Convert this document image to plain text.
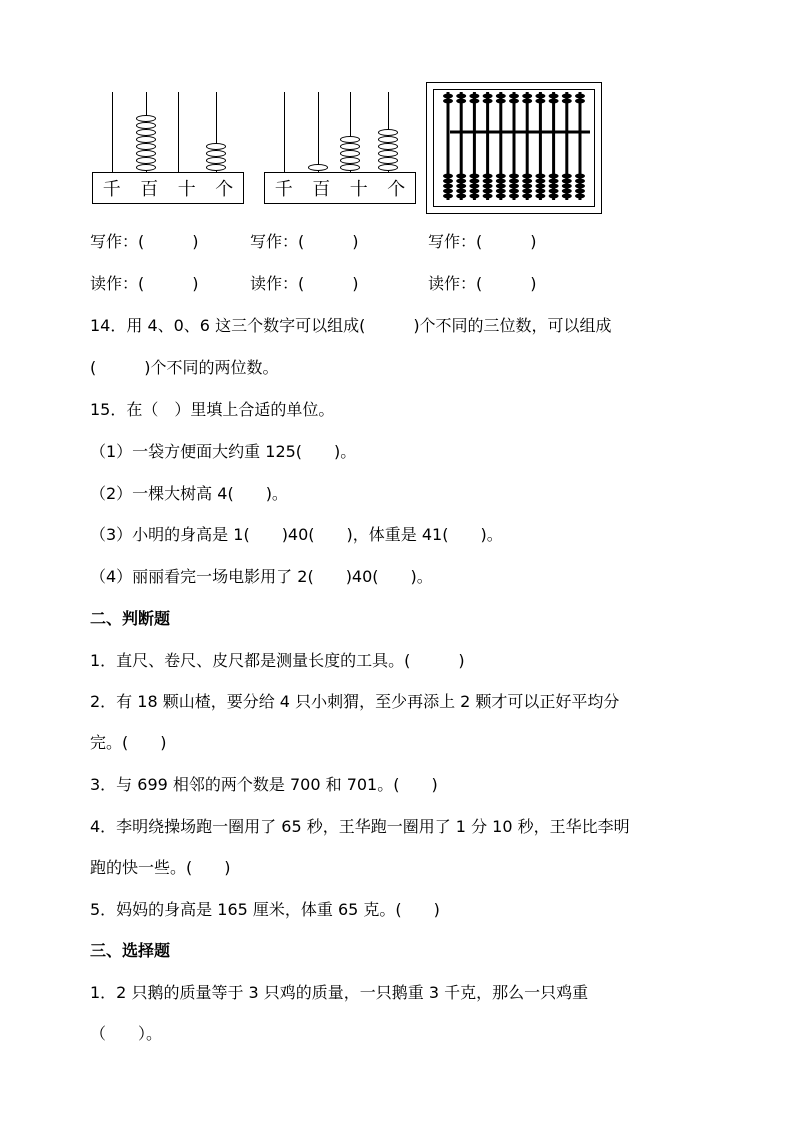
千 百 十 个 千 百 十 个
写作：(　　　)	写作：(　　　)	写作：(　　　)
读作：(　　　)	读作：(　　　)	读作：(　　　)
14．用 4、0、6 这三个数字可以组成(　　　)个不同的三位数，可以组成
(　　　)个不同的两位数。
15．在（　）里填上合适的单位。
（1）一袋方便面大约重 125(　　)。
（2）一棵大树高 4(　　)。
（3）小明的身高是 1(　　)40(　　)，体重是 41(　　)。
（4）丽丽看完一场电影用了 2(　　)40(　　)。
二、判断题
1．直尺、卷尺、皮尺都是测量长度的工具。(　　　)
2．有 18 颗山楂，要分给 4 只小刺猬，至少再添上 2 颗才可以正好平均分
完。(　　)
3．与 699 相邻的两个数是 700 和 701。(　　)
4．李明绕操场跑一圈用了 65 秒，王华跑一圈用了 1 分 10 秒，王华比李明
跑的快一些。(　　)
5．妈妈的身高是 165 厘米，体重 65 克。(　　)
三、选择题
1．2 只鹅的质量等于 3 只鸡的质量，一只鹅重 3 千克，那么一只鸡重
（　　）。
